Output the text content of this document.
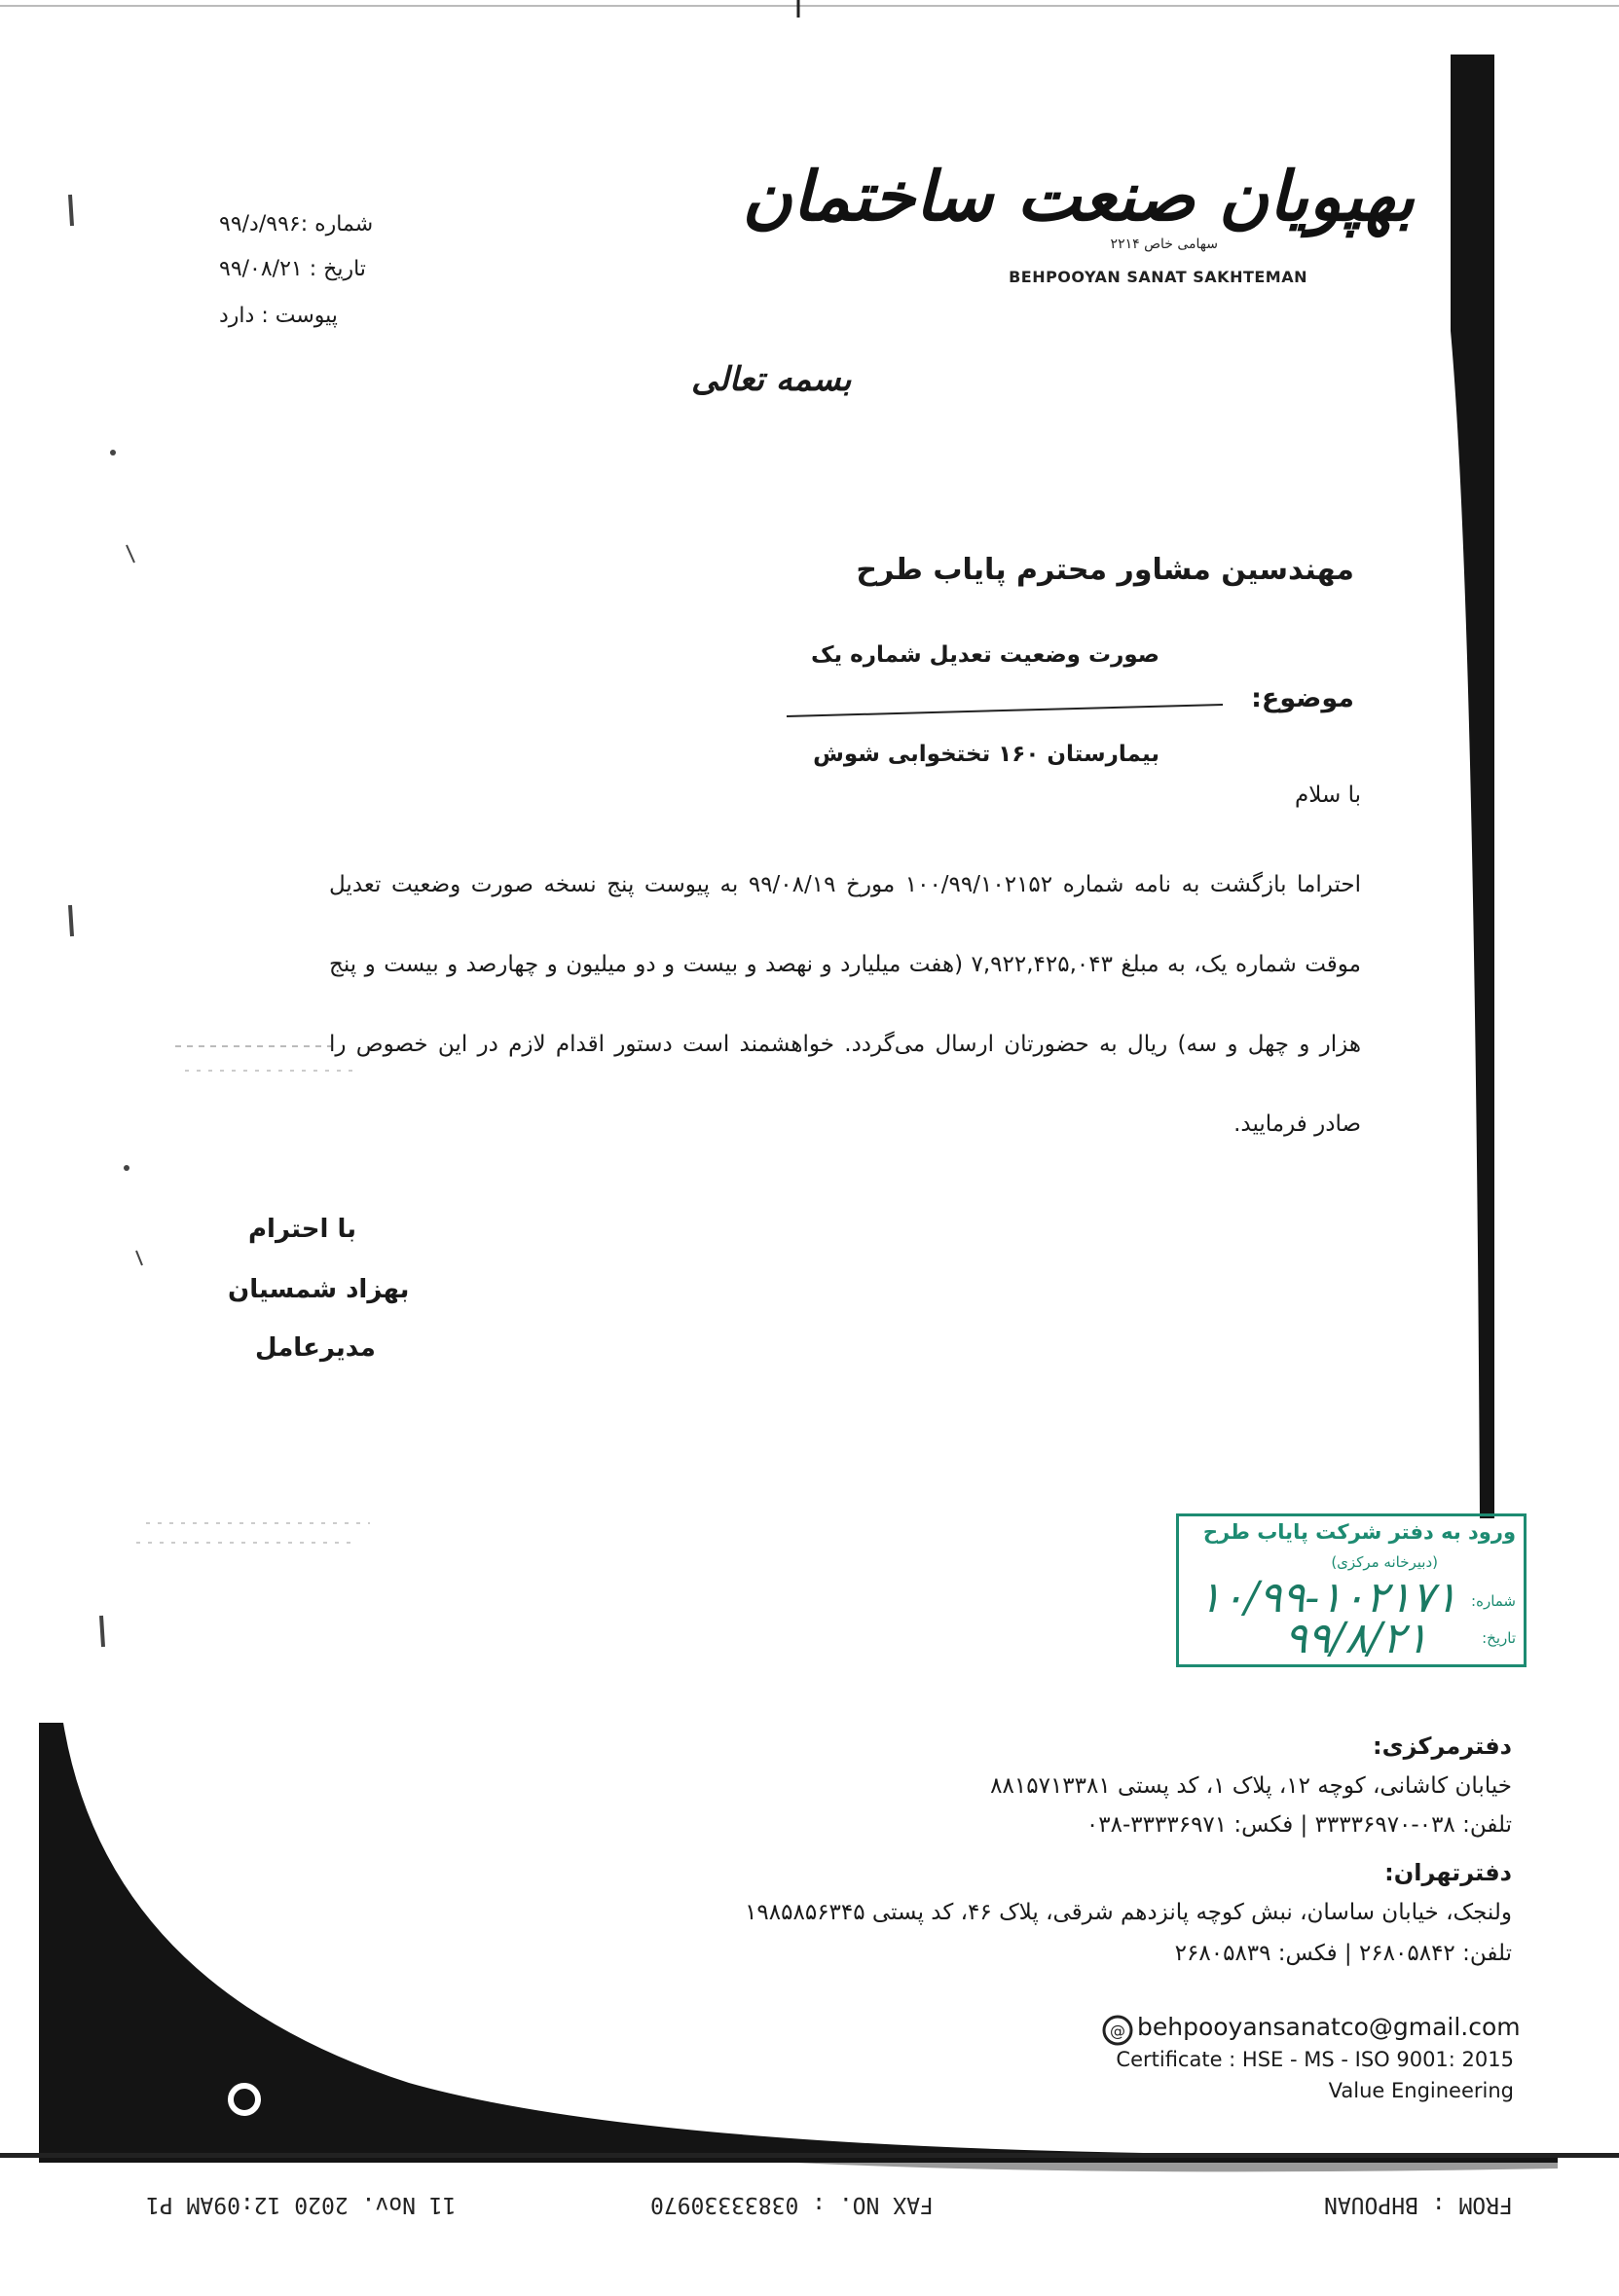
@
بهپویان صنعت ساختمان
سهامی خاص ۲۲۱۴
BEHPOOYAN SANAT SAKHTEMAN
شماره :۹۹۶/د/۹۹
تاریخ : ۹۹/۰۸/۲۱
پیوست : دارد
بسمه تعالی
مهندسین مشاور محترم پایاب طرح
صورت وضعیت تعدیل شماره یک
موضوع:
بیمارستان ۱۶۰ تختخوابی شوش
با سلام
احتراما بازگشت به نامه شماره ۱۰۰/۹۹/۱۰۲۱۵۲ مورخ ۹۹/۰۸/۱۹ به پیوست پنج نسخه صورت وضعیت تعدیل موقت شماره یک، به مبلغ ۷,۹۲۲,۴۲۵,۰۴۳ (هفت میلیارد و نهصد و بیست و دو میلیون و چهارصد و بیست و پنج هزار و چهل و سه) ریال به حضورتان ارسال می‌گردد. خواهشمند است دستور اقدام لازم در این خصوص را صادر فرمایید.
با احترام
بهزاد شمسیان
مدیرعامل
ورود به دفتر شرکت پایاب طرح
(دبیرخانه مرکزی)
شماره:
تاریخ:
۱۰/۹۹-۱۰۲۱۷۱
۹۹/۸/۲۱
دفترمرکزی:
خیابان کاشانی، کوچه ۱۲، پلاک ۱، کد پستی ۸۸۱۵۷۱۳۳۸۱
تلفن: ۰۳۸-۳۳۳۳۶۹۷۰ | فکس: ۳۳۳۳۶۹۷۱-۰۳۸
دفترتهران:
ولنجک، خیابان ساسان، نبش کوچه پانزدهم شرقی، پلاک ۴۶، کد پستی ۱۹۸۵۸۵۶۳۴۵
تلفن: ۲۶۸۰۵۸۴۲ | فکس: ۲۶۸۰۵۸۳۹
behpooyansanatco@gmail.com
Certificate : HSE - MS - ISO 9001: 2015
Value Engineering
FROM : BHPOUAN
FAX NO. : 03833330970
11 Nov. 2020 12:09AM P1
